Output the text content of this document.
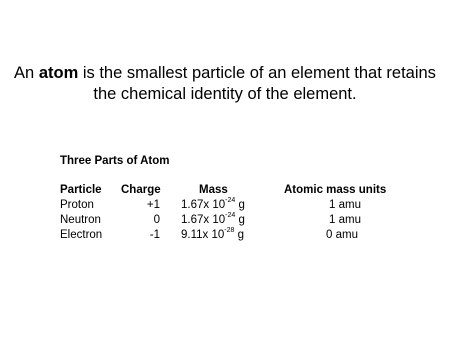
An atom is the smallest particle of an element that retains
the chemical identity of the element.
Three Parts of Atom
Particle Charge	Mass	Atomic mass units
Proton	+1 1.67x $10^{-24}$ g	1 amu
Neutron	0 1.67x $10^{-24}$ g	1 amu
Electron	-1 9.11x $10^{-28}$ g	0 amu
